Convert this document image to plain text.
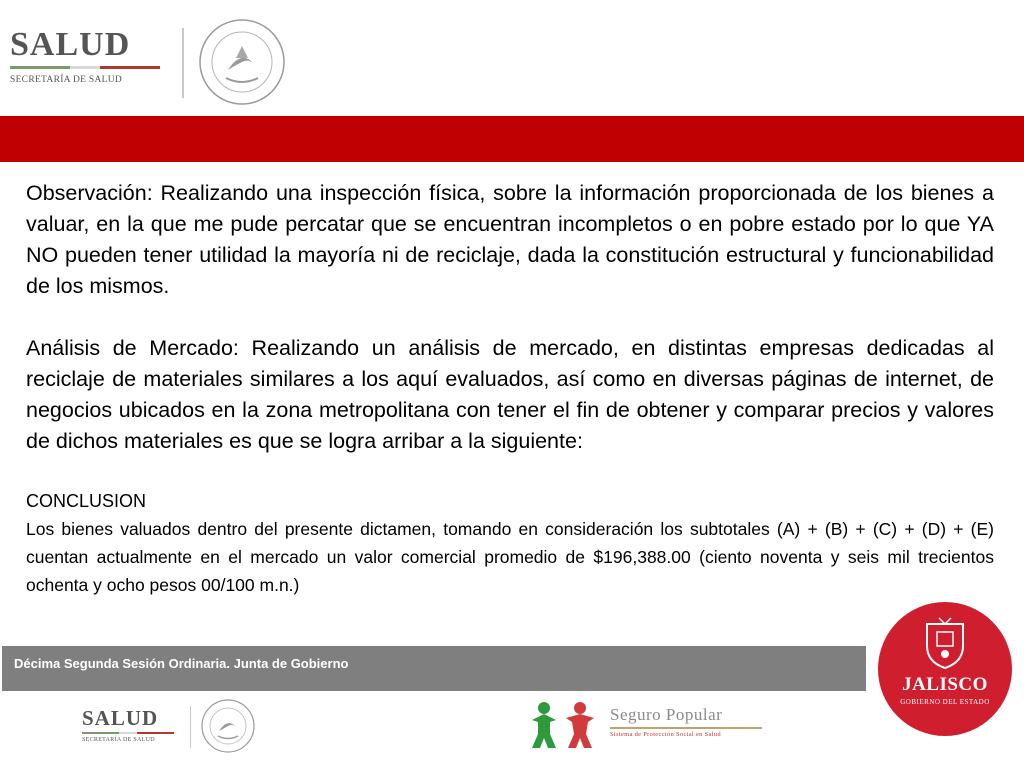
SALUD
SECRETARÍA DE SALUD

Observación: Realizando una inspección física, sobre la información proporcionada de los bienes a valuar, en la que me pude percatar que se encuentran incompletos o en pobre estado por lo que YA NO pueden tener utilidad la mayoría ni de reciclaje, dada la constitución estructural y funcionabilidad de los mismos.

Análisis de Mercado: Realizando un análisis de mercado, en distintas empresas dedicadas al reciclaje de materiales similares a los aquí evaluados, así como en diversas páginas de internet, de negocios ubicados en la zona metropolitana con tener el fin de obtener y comparar precios y valores de dichos materiales es que se logra arribar a la siguiente:

CONCLUSION
Los bienes valuados dentro del presente dictamen, tomando en consideración los subtotales (A) + (B) + (C) + (D) + (E) cuentan actualmente en el mercado un valor comercial promedio de $196,388.00 (ciento noventa y seis mil trecientos ochenta y ocho pesos 00/100 m.n.)
Décima Segunda Sesión Ordinaria. Junta de Gobierno
JALISCO
GOBIERNO DEL ESTADO
SALUD
SECRETARÍA DE SALUD
Seguro Popular
Sistema de Protección Social en Salud
